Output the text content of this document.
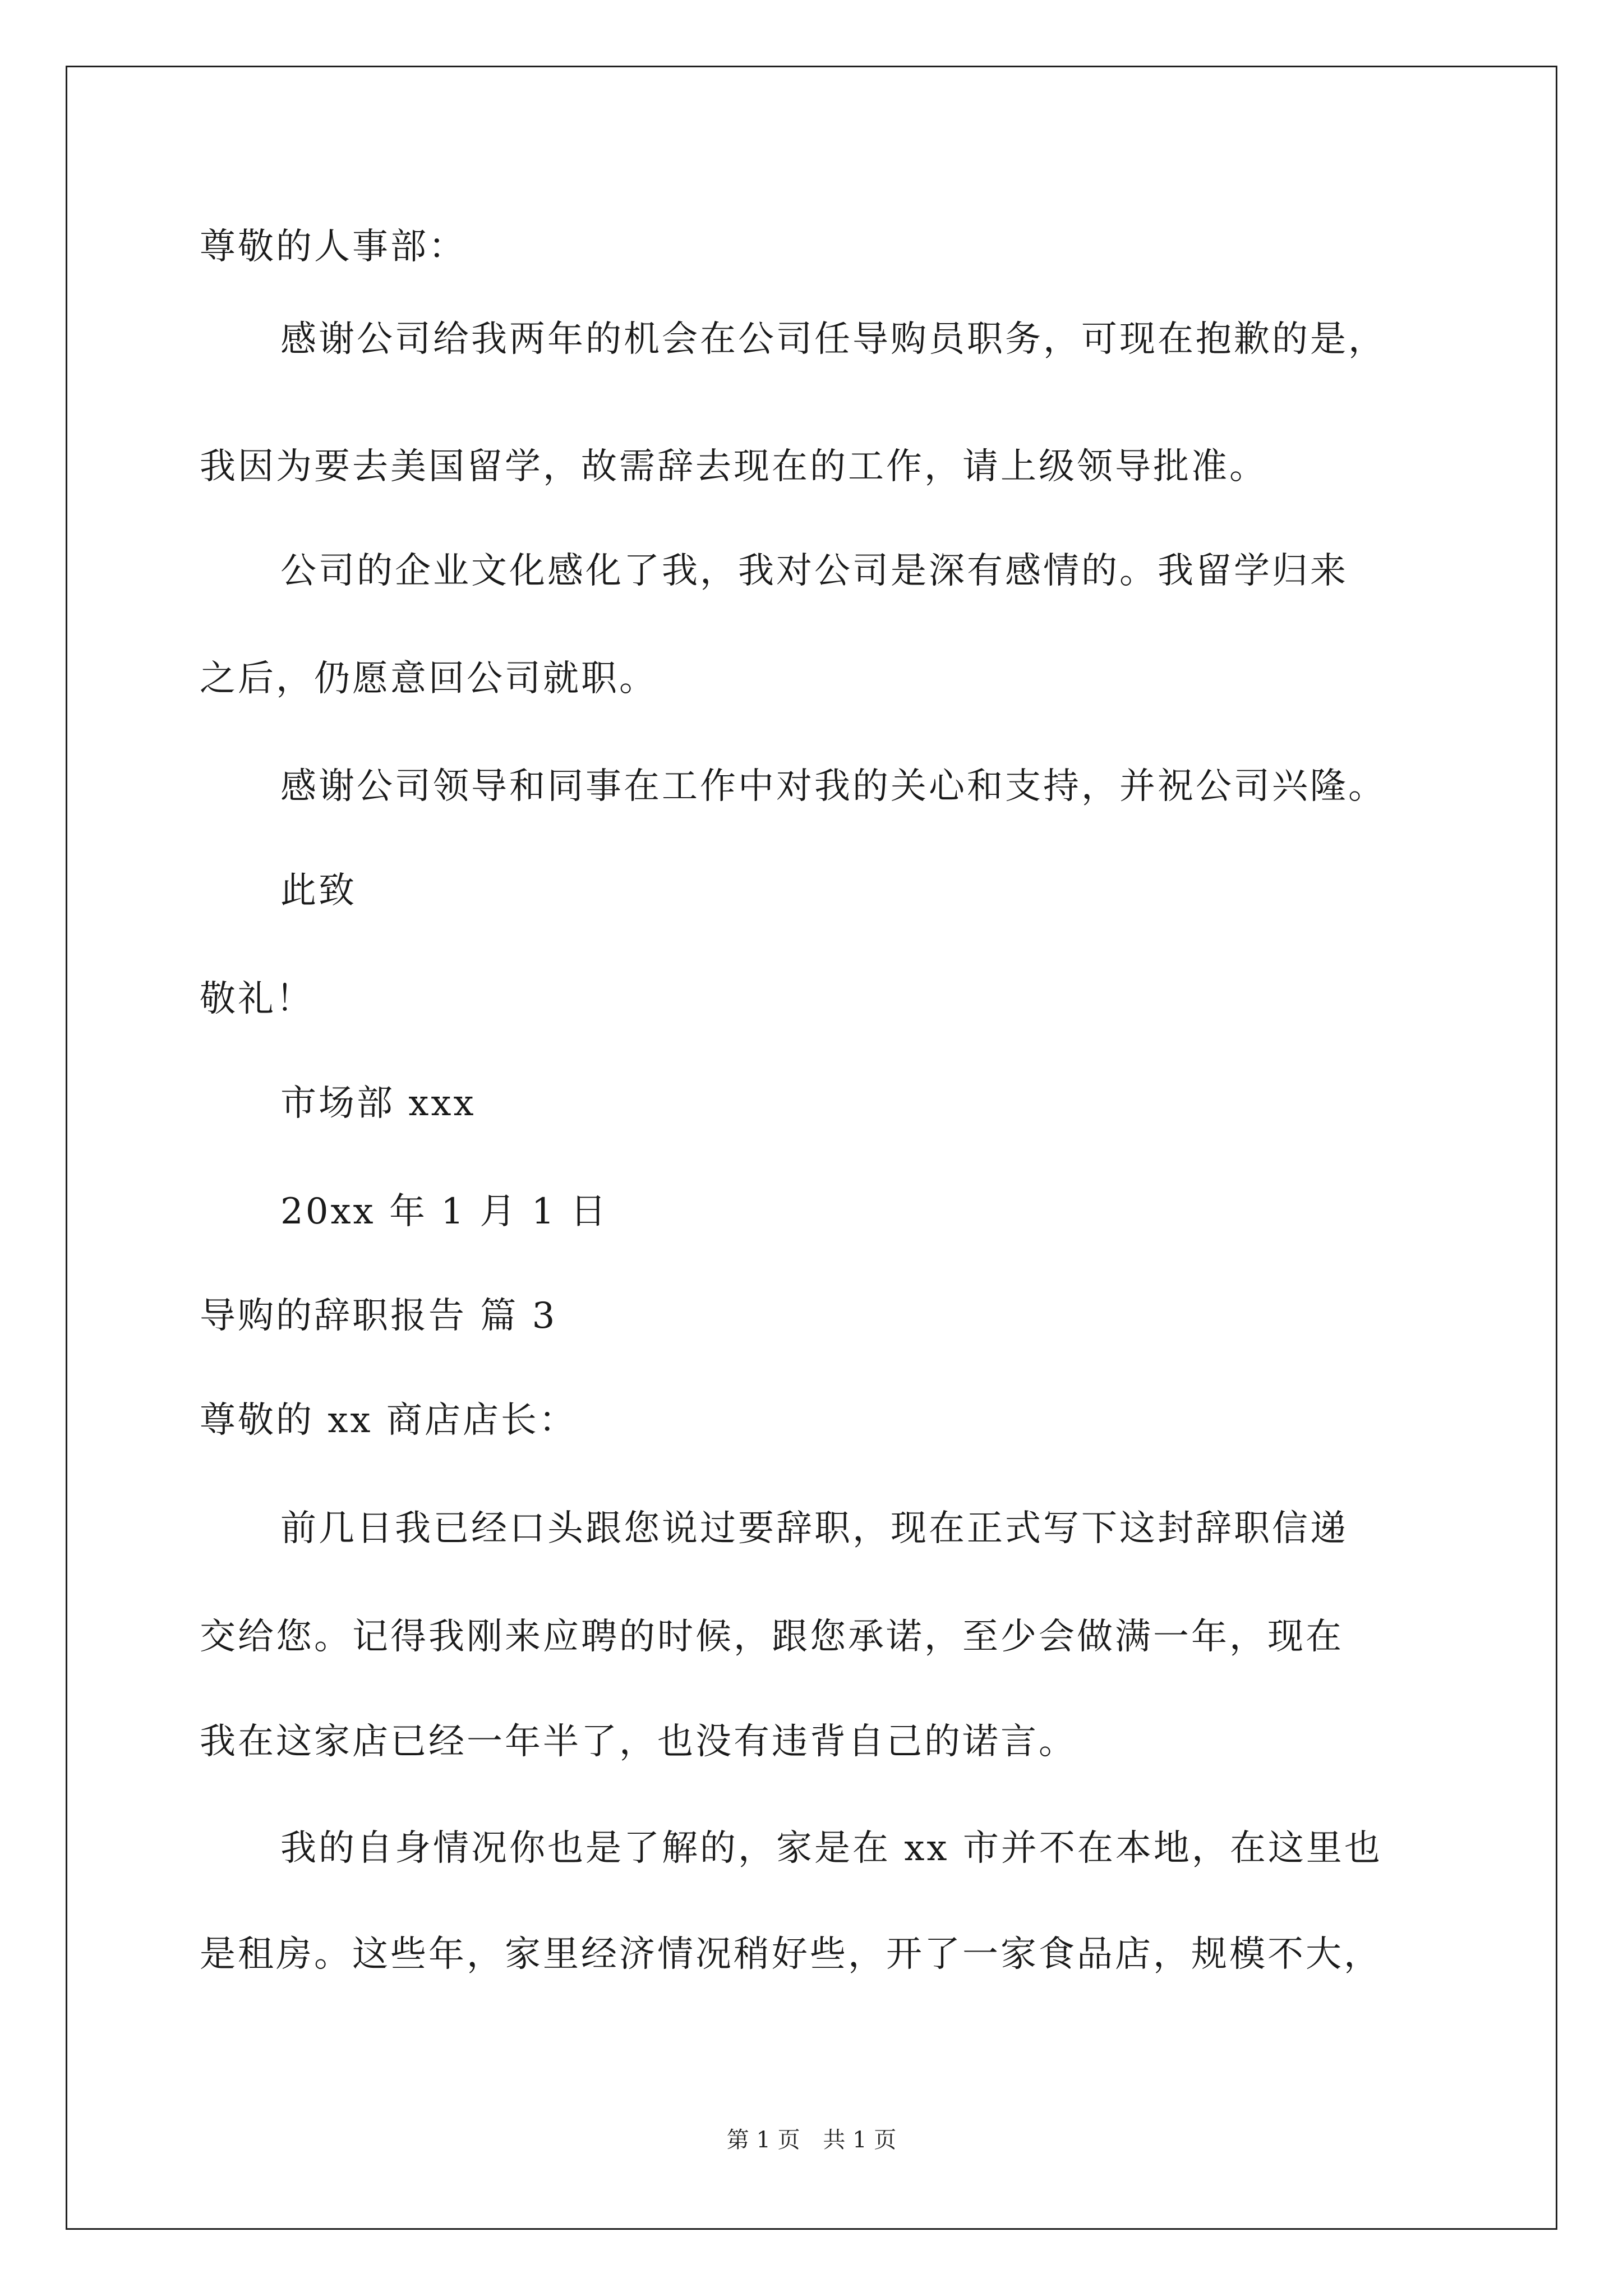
尊敬的人事部：
感谢公司给我两年的机会在公司任导购员职务，可现在抱歉的是，
我因为要去美国留学，故需辞去现在的工作，请上级领导批准。
公司的企业文化感化了我，我对公司是深有感情的。我留学归来
之后，仍愿意回公司就职。
感谢公司领导和同事在工作中对我的关心和支持，并祝公司兴隆。
此致
敬礼！
市场部 xxx
20xx 年 1 月 1 日
导购的辞职报告 篇 3
尊敬的 xx 商店店长：
前几日我已经口头跟您说过要辞职，现在正式写下这封辞职信递
交给您。记得我刚来应聘的时候，跟您承诺，至少会做满一年，现在
我在这家店已经一年半了，也没有违背自己的诺言。
我的自身情况你也是了解的，家是在 xx 市并不在本地，在这里也
是租房。这些年，家里经济情况稍好些，开了一家食品店，规模不大，
第 1 页 共 1 页
